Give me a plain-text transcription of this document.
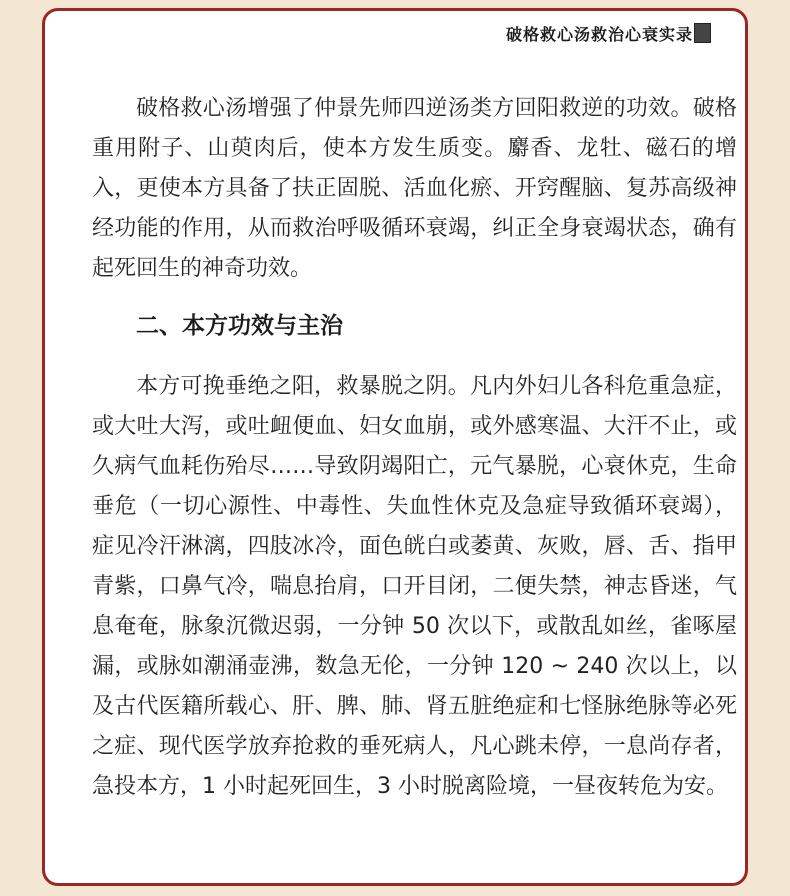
破格救心汤救治心衰实录

破格救心汤增强了仲景先师四逆汤类方回阳救逆的功效。破格重用附子、山萸肉后，使本方发生质变。麝香、龙牡、磁石的增入，更使本方具备了扶正固脱、活血化瘀、开窍醒脑、复苏高级神经功能的作用，从而救治呼吸循环衰竭，纠正全身衰竭状态，确有起死回生的神奇功效。

二、本方功效与主治

本方可挽垂绝之阳，救暴脱之阴。凡内外妇儿各科危重急症，或大吐大泻，或吐衄便血、妇女血崩，或外感寒温、大汗不止，或久病气血耗伤殆尽……导致阴竭阳亡，元气暴脱，心衰休克，生命垂危（一切心源性、中毒性、失血性休克及急症导致循环衰竭），症见冷汗淋漓，四肢冰冷，面色㿠白或萎黄、灰败，唇、舌、指甲青紫，口鼻气冷，喘息抬肩，口开目闭，二便失禁，神志昏迷，气息奄奄，脉象沉微迟弱，一分钟 50 次以下，或散乱如丝，雀啄屋漏，或脉如潮涌壶沸，数急无伦，一分钟 120 ~ 240 次以上，以及古代医籍所载心、肝、脾、肺、肾五脏绝症和七怪脉绝脉等必死之症、现代医学放弃抢救的垂死病人，凡心跳未停，一息尚存者，急投本方，1 小时起死回生，3 小时脱离险境，一昼夜转危为安。
